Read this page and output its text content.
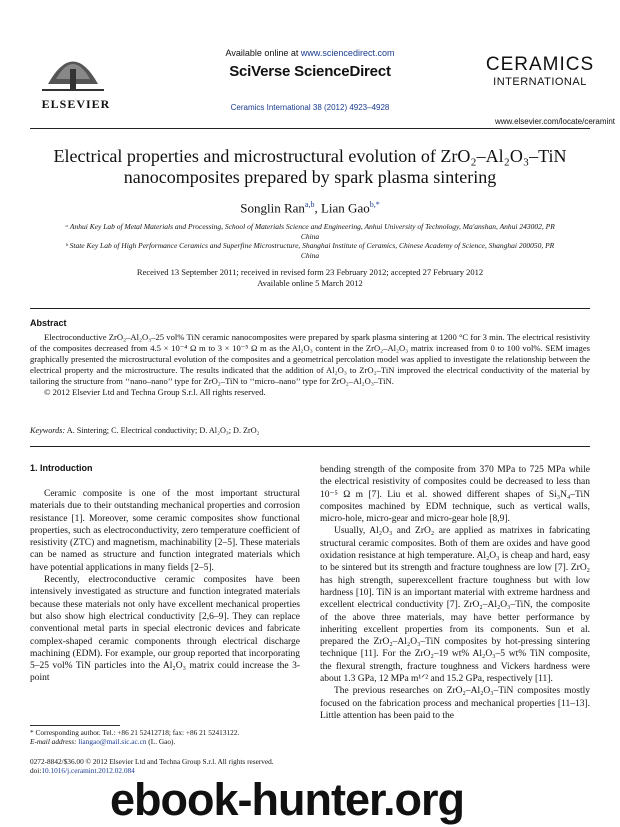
ELSEVIER
Available online at www.sciencedirect.com
SciVerse ScienceDirect
Ceramics International 38 (2012) 4923–4928
CERAMICS
INTERNATIONAL
www.elsevier.com/locate/ceramint
Electrical properties and microstructural evolution of ZrO₂–Al₂O₃–TiN
nanocomposites prepared by spark plasma sintering
Songlin Ran$^{a,b}$, Lian Gao$^{b,*}$
ᵃ Anhui Key Lab of Metal Materials and Processing, School of Materials Science and Engineering, Anhui University of Technology, Ma'anshan, Anhui 243002, PR China
ᵇ State Key Lab of High Performance Ceramics and Superfine Microstructure, Shanghai Institute of Ceramics, Chinese Academy of Science, Shanghai 200050, PR China
Received 13 September 2011; received in revised form 23 February 2012; accepted 27 February 2012
Available online 5 March 2012
Abstract
Electroconductive ZrO₂–Al₂O₃–25 vol% TiN ceramic nanocomposites were prepared by spark plasma sintering at 1200 °C for 3 min. The electrical resistivity of the composites decreased from 4.5 × 10⁻⁴ Ω m to 3 × 10⁻⁵ Ω m as the Al₂O₃ content in the ZrO₂–Al₂O₃ matrix increased from 0 to 100 vol%. SEM images graphically presented the microstructural evolution of the composites and a geometrical percolation model was applied to investigate the relationship between the electrical property and the microstructure. The results indicated that the addition of Al₂O₃ to ZrO₂–TiN improved the electrical conductivity of the material by tailoring the structure from ‘‘nano–nano’’ type for ZrO₂–TiN to ‘‘micro–nano’’ type for ZrO₂–Al₂O₃–TiN.
© 2012 Elsevier Ltd and Techna Group S.r.l. All rights reserved.
Keywords: A. Sintering; C. Electrical conductivity; D. Al₂O₃; D. ZrO₂
1. Introduction

Ceramic composite is one of the most important structural materials due to their outstanding mechanical properties and corrosion resistance [1]. Moreover, some ceramic composites show functional properties, such as electroconductivity, zero temperature coefficient of resistivity (ZTC) and magnetism, machinability [2–5]. These materials can be named as structure and function integrated materials which have potential applications in many fields [2–5].

Recently, electroconductive ceramic composites have been intensively investigated as structure and function integrated materials because these materials not only have excellent mechanical properties but also show high electrical conductivity [2,6–9]. They can replace conventional metal parts in special electronic devices and fabricate complex-shaped ceramic components through electrical discharge machining (EDM). For example, our group reported that incorporating 5–25 vol% TiN particles into the Al₂O₃ matrix could increase the 3-point

bending strength of the composite from 370 MPa to 725 MPa while the electrical resistivity of composites could be decreased to less than 10⁻⁵ Ω m [7]. Liu et al. showed different shapes of Si₃N₄–TiN composites machined by EDM technique, such as vertical walls, micro-hole, micro-gear and micro-gear hole [8,9].

Usually, Al₂O₃ and ZrO₂ are applied as matrixes in fabricating structural ceramic composites. Both of them are oxides and have good oxidation resistance at high temperature. Al₂O₃ is cheap and hard, easy to be sintered but its strength and fracture toughness are low [7]. ZrO₂ has high strength, superexcellent fracture toughness but with low hardness [10]. TiN is an important material with extreme hardness and excellent electrical conductivity [7]. ZrO₂–Al₂O₃–TiN, the composite of the above three materials, may have better performance by inheriting excellent properties from its components. Sun et al. prepared the ZrO₂–Al₂O₃–TiN composites by hot-pressing sintering technique [11]. For the ZrO₂–19 wt% Al₂O₃–5 wt% TiN composite, the flexural strength, fracture toughness and Vickers hardness were about 1.3 GPa, 12 MPa m¹ᐟ² and 15.2 GPa, respectively [11].

The previous researches on ZrO₂–Al₂O₃–TiN composites mostly focused on the fabrication process and mechanical properties [11–13]. Little attention has been paid to the

* Corresponding author. Tel.: +86 21 52412718; fax: +86 21 52413122.
E-mail address: liangao@mail.sic.ac.cn (L. Gao).
0272-8842/$36.00 © 2012 Elsevier Ltd and Techna Group S.r.l. All rights reserved.
doi:10.1016/j.ceramint.2012.02.084
ebook-hunter.org
